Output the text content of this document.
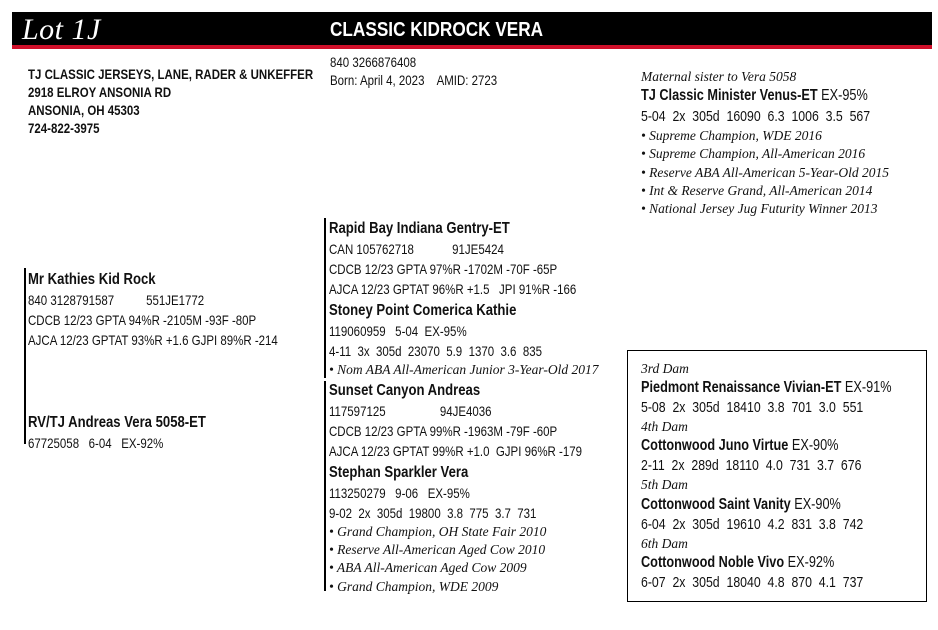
Lot 1J	CLASSIC KIDROCK VERA
TJ CLASSIC JERSEYS, LANE, RADER & UNKEFFER
2918 ELROY ANSONIA RD
ANSONIA, OH 45303
724-822-3975
840 3266876408
Born: April 4, 2023    AMID: 2723	Maternal sister to Vera 5058
TJ Classic Minister Venus-ET EX-95%
5-04  2x  305d  16090  6.3  1006  3.5  567
• Supreme Champion, WDE 2016
• Supreme Champion, All-American 2016
• Reserve ABA All-American 5-Year-Old 2015
• Int & Reserve Grand, All-American 2014
• National Jersey Jug Futurity Winner 2013
Mr Kathies Kid Rock
840 3128791587          551JE1772
CDCB 12/23 GPTA 94%R -2105M -93F -80P
AJCA 12/23 GPTAT 93%R +1.6 GJPI 89%R -214
RV/TJ Andreas Vera 5058-ET
67725058   6-04   EX-92%
Rapid Bay Indiana Gentry-ET
CAN 105762718            91JE5424
CDCB 12/23 GPTA 97%R -1702M -70F -65P
AJCA 12/23 GPTAT 96%R +1.5   JPI 91%R -166
Stoney Point Comerica Kathie
119060959   5-04  EX-95%
4-11  3x  305d  23070  5.9  1370  3.6  835
• Nom ABA All-American Junior 3-Year-Old 2017
Sunset Canyon Andreas
117597125                 94JE4036
CDCB 12/23 GPTA 99%R -1963M -79F -60P
AJCA 12/23 GPTAT 99%R +1.0  GJPI 96%R -179
Stephan Sparkler Vera
113250279   9-06   EX-95%
9-02  2x  305d  19800  3.8  775  3.7  731
• Grand Champion, OH State Fair 2010
• Reserve All-American Aged Cow 2010
• ABA All-American Aged Cow 2009
• Grand Champion, WDE 2009
3rd Dam
Piedmont Renaissance Vivian-ET EX-91%
5-08  2x  305d  18410  3.8  701  3.0  551
4th Dam
Cottonwood Juno Virtue EX-90%
2-11  2x  289d  18110  4.0  731  3.7  676
5th Dam
Cottonwood Saint Vanity EX-90%
6-04  2x  305d  19610  4.2  831  3.8  742
6th Dam
Cottonwood Noble Vivo EX-92%
6-07  2x  305d  18040  4.8  870  4.1  737
